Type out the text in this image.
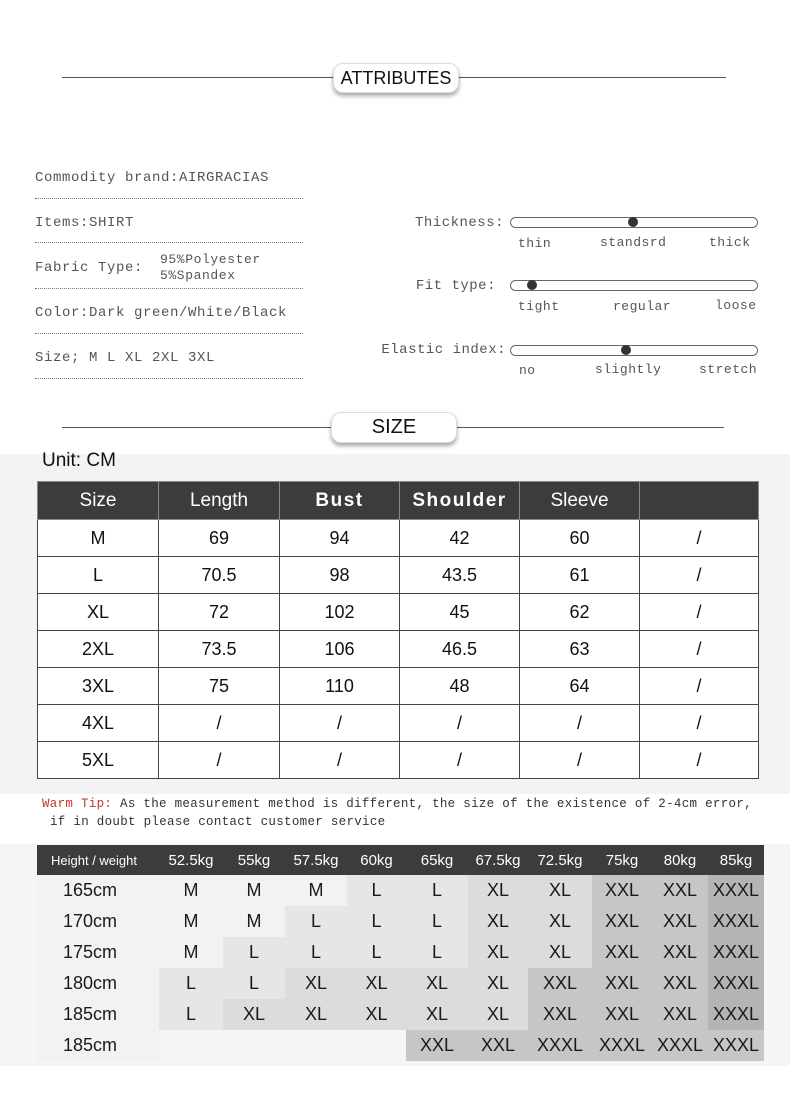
ATTRIBUTES
Commodity brand:AIRGRACIAS
Items:SHIRT
Fabric Type:
95%Polyester
5%Spandex
Color:Dark green/White/Black
Size; M L XL 2XL 3XL
Thickness:
thin	standsrd	thick
Fit type:
tight	regular	loose
Elastic index:
no	slightly	stretch
SIZE
Unit: CM
Size	Length	Bust	Shoulder	Sleeve	
M	69	94	42	60	/
L	70.5	98	43.5	61	/
XL	72	102	45	62	/
2XL	73.5	106	46.5	63	/
3XL	75	110	48	64	/
4XL	/	/	/	/	/
5XL	/	/	/	/	/
Warm Tip: As the measurement method is different, the size of the existence of 2-4cm error,
if in doubt please contact customer service
Height / weight	52.5kg	55kg	57.5kg	60kg	65kg	67.5kg	72.5kg	75kg	80kg	85kg
165cm	M	M	M	L	L	XL	XL	XXL	XXL	XXXL
170cm	M	M	L	L	L	XL	XL	XXL	XXL	XXXL
175cm	M	L	L	L	L	XL	XL	XXL	XXL	XXXL
180cm	L	L	XL	XL	XL	XL	XXL	XXL	XXL	XXXL
185cm	L	XL	XL	XL	XL	XL	XXL	XXL	XXL	XXXL
185cm					XXL	XXL	XXXL	XXXL	XXXL	XXXL
